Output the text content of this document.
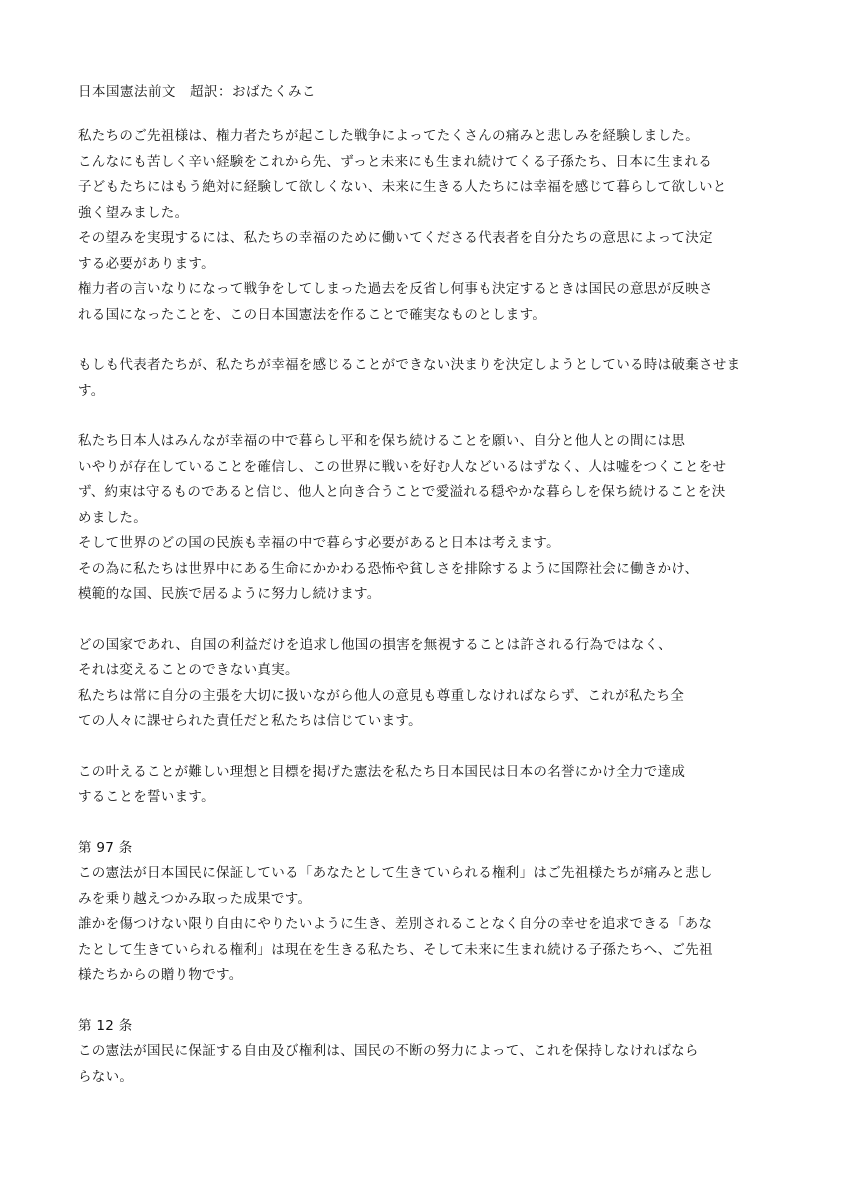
日本国憲法前文　超訳：おばたくみこ
私たちのご先祖様は、権力者たちが起こした戦争によってたくさんの痛みと悲しみを経験しました。
こんなにも苦しく辛い経験をこれから先、ずっと未来にも生まれ続けてくる子孫たち、日本に生まれる
子どもたちにはもう絶対に経験して欲しくない、未来に生きる人たちには幸福を感じて暮らして欲しいと
強く望みました。
その望みを実現するには、私たちの幸福のために働いてくださる代表者を自分たちの意思によって決定
する必要があります。
権力者の言いなりになって戦争をしてしまった過去を反省し何事も決定するときは国民の意思が反映さ
れる国になったことを、この日本国憲法を作ることで確実なものとします。
もしも代表者たちが、私たちが幸福を感じることができない決まりを決定しようとしている時は破棄させま
す。
私たち日本人はみんなが幸福の中で暮らし平和を保ち続けることを願い、自分と他人との間には思
いやりが存在していることを確信し、この世界に戦いを好む人などいるはずなく、人は嘘をつくことをせ
ず、約束は守るものであると信じ、他人と向き合うことで愛溢れる穏やかな暮らしを保ち続けることを決
めました。
そして世界のどの国の民族も幸福の中で暮らす必要があると日本は考えます。
その為に私たちは世界中にある生命にかかわる恐怖や貧しさを排除するように国際社会に働きかけ、
模範的な国、民族で居るように努力し続けます。
どの国家であれ、自国の利益だけを追求し他国の損害を無視することは許される行為ではなく、
それは変えることのできない真実。
私たちは常に自分の主張を大切に扱いながら他人の意見も尊重しなければならず、これが私たち全
ての人々に課せられた責任だと私たちは信じています。
この叶えることが難しい理想と目標を掲げた憲法を私たち日本国民は日本の名誉にかけ全力で達成
することを誓います。
第 97 条
この憲法が日本国民に保証している「あなたとして生きていられる権利」はご先祖様たちが痛みと悲し
みを乗り越えつかみ取った成果です。
誰かを傷つけない限り自由にやりたいように生き、差別されることなく自分の幸せを追求できる「あな
たとして生きていられる権利」は現在を生きる私たち、そして未来に生まれ続ける子孫たちへ、ご先祖
様たちからの贈り物です。
第 12 条
この憲法が国民に保証する自由及び権利は、国民の不断の努力によって、これを保持しなければなら
らない。
